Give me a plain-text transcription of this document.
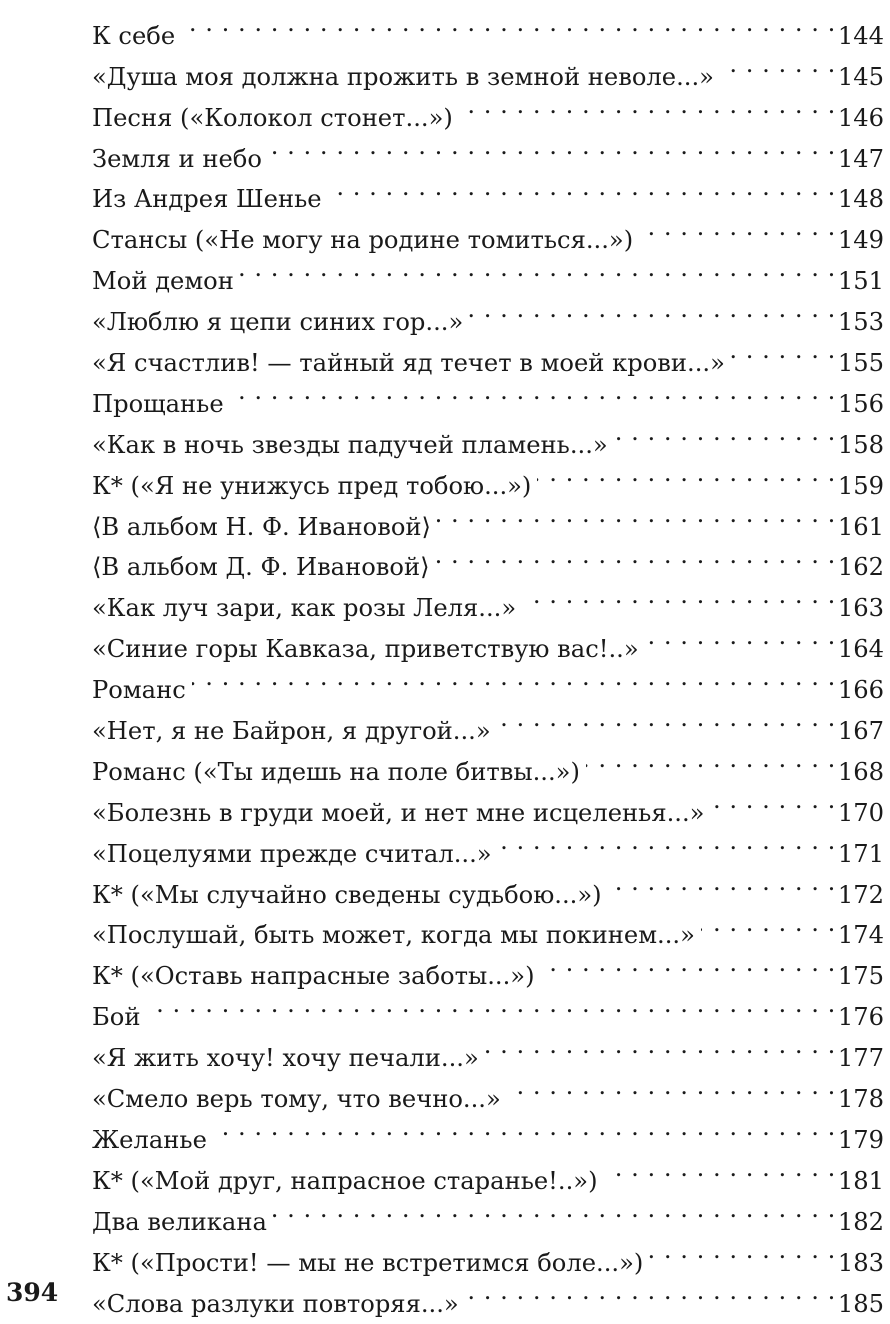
К себе . . .	144
«Душа моя должна прожить в земной неволе...» . . .	145
Песня («Колокол стонет...») . . .	146
Земля и небо . . .	147
Из Андрея Шенье . . .	148
Стансы («Не могу на родине томиться...») . . .	149
Мой демон . . .	151
«Люблю я цепи синих гор...» . . .	153
«Я счастлив! — тайный яд течет в моей крови...» . . .	155
Прощанье . . .	156
«Как в ночь звезды падучей пламень...» . . .	158
К* («Я не унижусь пред тобою...») . . .	159
⟨В альбом Н. Ф. Ивановой⟩ . . .	161
⟨В альбом Д. Ф. Ивановой⟩ . . .	162
«Как луч зари, как розы Леля...» . . .	163
«Синие горы Кавказа, приветствую вас!..» . . .	164
Романс . . .	166
«Нет, я не Байрон, я другой...» . . .	167
Романс («Ты идешь на поле битвы...») . . .	168
«Болезнь в груди моей, и нет мне исцеленья...» . . .	170
«Поцелуями прежде считал...» . . .	171
К* («Мы случайно сведены судьбою...») . . .	172
«Послушай, быть может, когда мы покинем...» . . .	174
К* («Оставь напрасные заботы...») . . .	175
Бой . . .	176
«Я жить хочу! хочу печали...» . . .	177
«Смело верь тому, что вечно...» . . .	178
Желанье . . .	179
К* («Мой друг, напрасное старанье!..») . . .	181
Два великана . . .	182
К* («Прости! — мы не встретимся боле...») . . .	183
«Слова разлуки повторяя...» . . .	185
394
